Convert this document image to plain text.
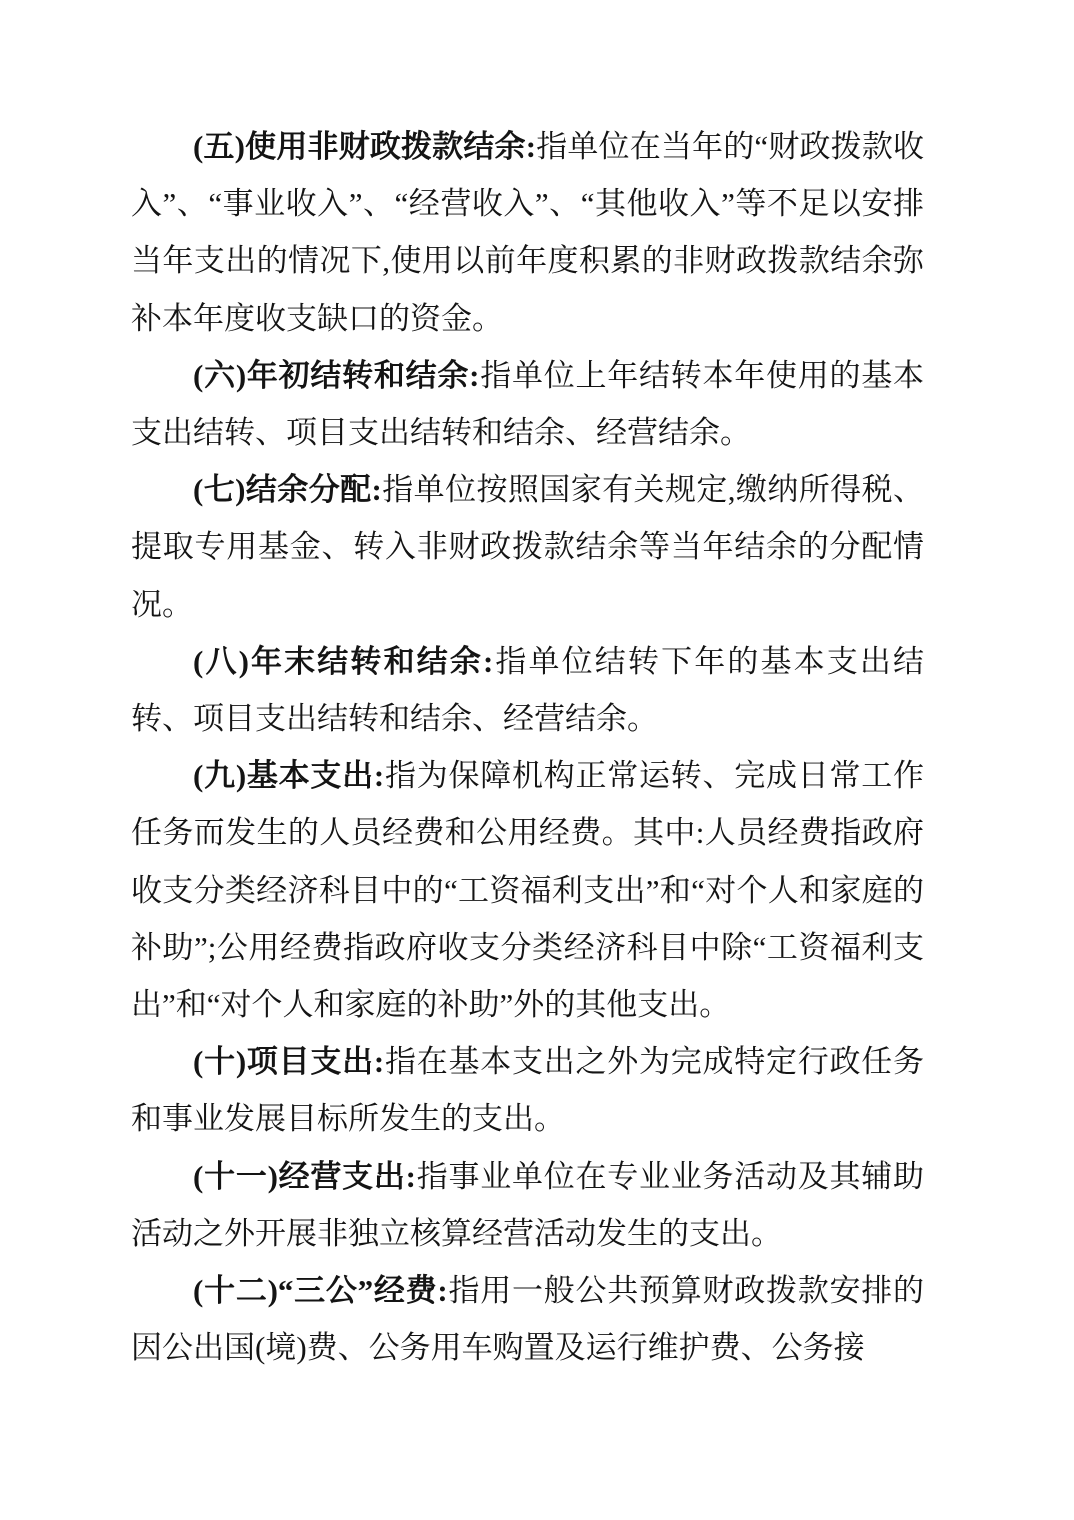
(五)使用非财政拨款结余:指单位在当年的“财政拨款收入”、“事业收入”、“经营收入”、“其他收入”等不足以安排当年支出的情况下,使用以前年度积累的非财政拨款结余弥补本年度收支缺口的资金。

(六)年初结转和结余:指单位上年结转本年使用的基本支出结转、项目支出结转和结余、经营结余。

(七)结余分配:指单位按照国家有关规定,缴纳所得税、提取专用基金、转入非财政拨款结余等当年结余的分配情况。

(八)年末结转和结余:指单位结转下年的基本支出结转、项目支出结转和结余、经营结余。

(九)基本支出:指为保障机构正常运转、完成日常工作任务而发生的人员经费和公用经费。其中:人员经费指政府收支分类经济科目中的“工资福利支出”和“对个人和家庭的补助”;公用经费指政府收支分类经济科目中除“工资福利支出”和“对个人和家庭的补助”外的其他支出。

(十)项目支出:指在基本支出之外为完成特定行政任务和事业发展目标所发生的支出。

(十一)经营支出:指事业单位在专业业务活动及其辅助活动之外开展非独立核算经营活动发生的支出。

(十二)“三公”经费:指用一般公共预算财政拨款安排的因公出国(境)费、公务用车购置及运行维护费、公务接
